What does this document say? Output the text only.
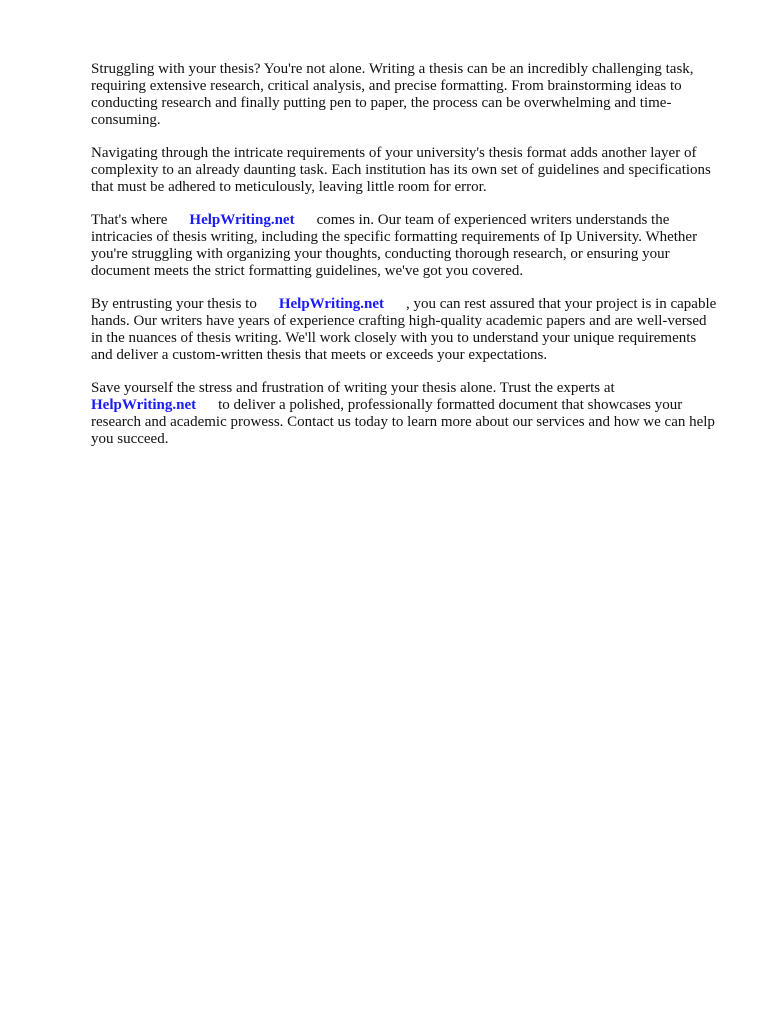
Struggling with your thesis? You're not alone. Writing a thesis can be an incredibly challenging task, requiring extensive research, critical analysis, and precise formatting. From brainstorming ideas to conducting research and finally putting pen to paper, the process can be overwhelming and time-consuming.

Navigating through the intricate requirements of your university's thesis format adds another layer of complexity to an already daunting task. Each institution has its own set of guidelines and specifications that must be adhered to meticulously, leaving little room for error.

That's where HelpWriting.net comes in. Our team of experienced writers understands the intricacies of thesis writing, including the specific formatting requirements of Ip University. Whether you're struggling with organizing your thoughts, conducting thorough research, or ensuring your document meets the strict formatting guidelines, we've got you covered.

By entrusting your thesis to HelpWriting.net , you can rest assured that your project is in capable hands. Our writers have years of experience crafting high-quality academic papers and are well-versed in the nuances of thesis writing. We'll work closely with you to understand your unique requirements and deliver a custom-written thesis that meets or exceeds your expectations.

Save yourself the stress and frustration of writing your thesis alone. Trust the experts at HelpWriting.net to deliver a polished, professionally formatted document that showcases your research and academic prowess. Contact us today to learn more about our services and how we can help you succeed.
